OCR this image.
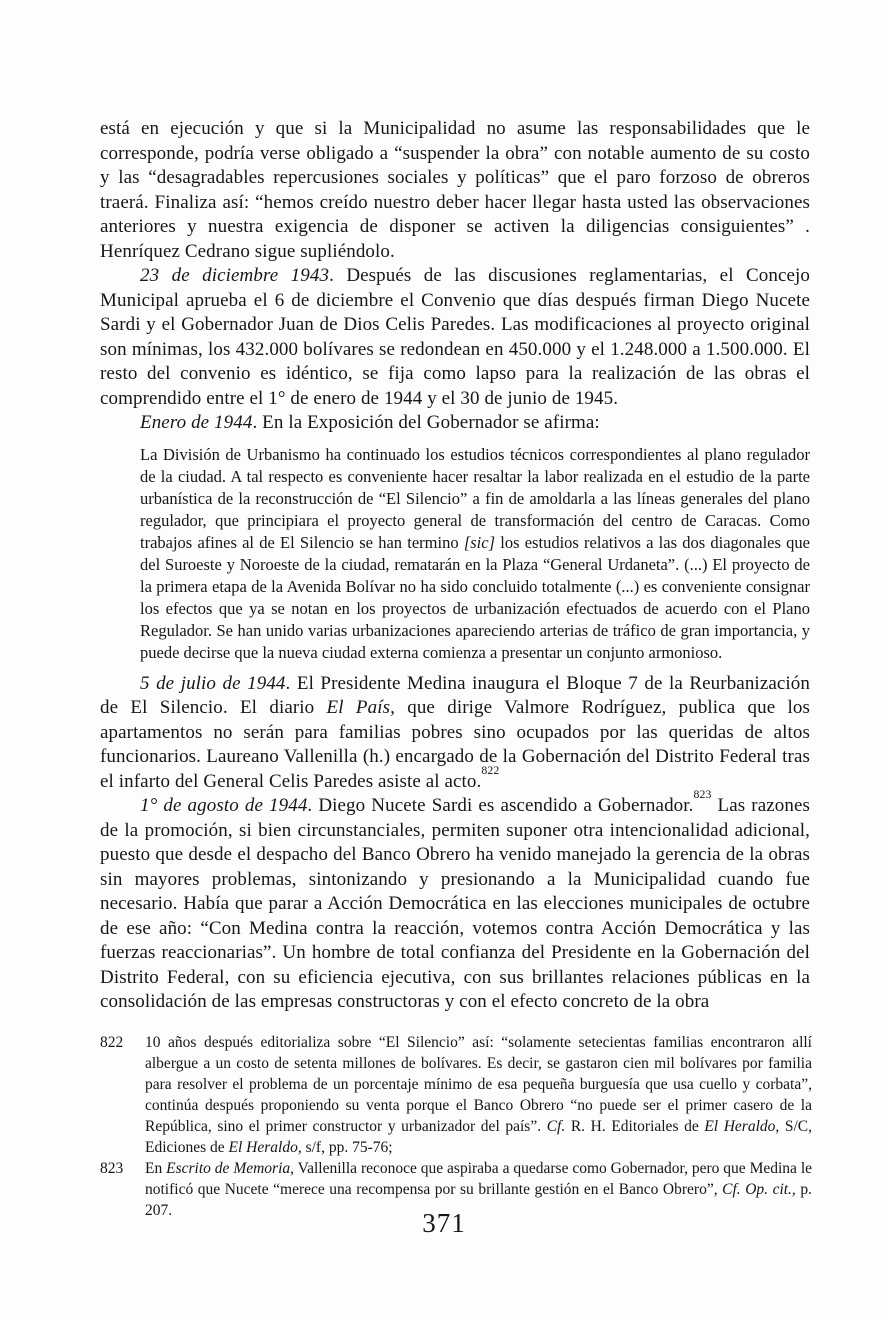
está en ejecución y que si la Municipalidad no asume las responsabilidades que le corresponde, podría verse obligado a “suspender la obra” con notable aumento de su costo y las “desagradables repercusiones sociales y políticas” que el paro forzoso de obreros traerá. Finaliza así: “hemos creído nuestro deber hacer llegar hasta usted las observaciones anteriores y nuestra exigencia de disponer se activen la diligencias consiguientes” . Henríquez Cedrano sigue supliéndolo.

23 de diciembre 1943. Después de las discusiones reglamentarias, el Concejo Municipal aprueba el 6 de diciembre el Convenio que días después firman Diego Nucete Sardi y el Gobernador Juan de Dios Celis Paredes. Las modificaciones al proyecto original son mínimas, los 432.000 bolívares se redondean en 450.000 y el 1.248.000 a 1.500.000. El resto del convenio es idéntico, se fija como lapso para la realización de las obras el comprendido entre el 1° de enero de 1944 y el 30 de junio de 1945.

Enero de 1944. En la Exposición del Gobernador se afirma:

La División de Urbanismo ha continuado los estudios técnicos correspondientes al plano regulador de la ciudad. A tal respecto es conveniente hacer resaltar la labor realizada en el estudio de la parte urbanística de la reconstrucción de “El Silencio” a fin de amoldarla a las líneas generales del plano regulador, que principiara el proyecto general de transformación del centro de Caracas. Como trabajos afines al de El Silencio se han termino [sic] los estudios relativos a las dos diagonales que del Suroeste y Noroeste de la ciudad, rematarán en la Plaza “General Urdaneta”. (...) El proyecto de la primera etapa de la Avenida Bolívar no ha sido concluido totalmente (...) es conveniente consignar los efectos que ya se notan en los proyectos de urbanización efectuados de acuerdo con el Plano Regulador. Se han unido varias urbanizaciones apareciendo arterias de tráfico de gran importancia, y puede decirse que la nueva ciudad externa comienza a presentar un conjunto armonioso.

5 de julio de 1944. El Presidente Medina inaugura el Bloque 7 de la Reurbanización de El Silencio. El diario El País, que dirige Valmore Rodríguez, publica que los apartamentos no serán para familias pobres sino ocupados por las queridas de altos funcionarios. Laureano Vallenilla (h.) encargado de la Gobernación del Distrito Federal tras el infarto del General Celis Paredes asiste al acto.$^{822}$

1° de agosto de 1944. Diego Nucete Sardi es ascendido a Gobernador.$^{823}$ Las razones de la promoción, si bien circunstanciales, permiten suponer otra intencionalidad adicional, puesto que desde el despacho del Banco Obrero ha venido manejado la gerencia de la obras sin mayores problemas, sintonizando y presionando a la Municipalidad cuando fue necesario. Había que parar a Acción Democrática en las elecciones municipales de octubre de ese año: “Con Medina contra la reacción, votemos contra Acción Democrática y las fuerzas reaccionarias”. Un hombre de total confianza del Presidente en la Gobernación del Distrito Federal, con su eficiencia ejecutiva, con sus brillantes relaciones públicas en la consolidación de las empresas constructoras y con el efecto concreto de la obra

822	10 años después editorializa sobre “El Silencio” así: “solamente setecientas familias encontraron allí albergue a un costo de setenta millones de bolívares. Es decir, se gastaron cien mil bolívares por familia para resolver el problema de un porcentaje mínimo de esa pequeña burguesía que usa cuello y corbata”, continúa después proponiendo su venta porque el Banco Obrero “no puede ser el primer casero de la República, sino el primer constructor y urbanizador del país”. Cf. R. H. Editoriales de El Heraldo, S/C, Ediciones de El Heraldo, s/f, pp. 75-76;
823	En Escrito de Memoria, Vallenilla reconoce que aspiraba a quedarse como Gobernador, pero que Medina le notificó que Nucete “merece una recompensa por su brillante gestión en el Banco Obrero”, Cf. Op. cit., p. 207.	371
